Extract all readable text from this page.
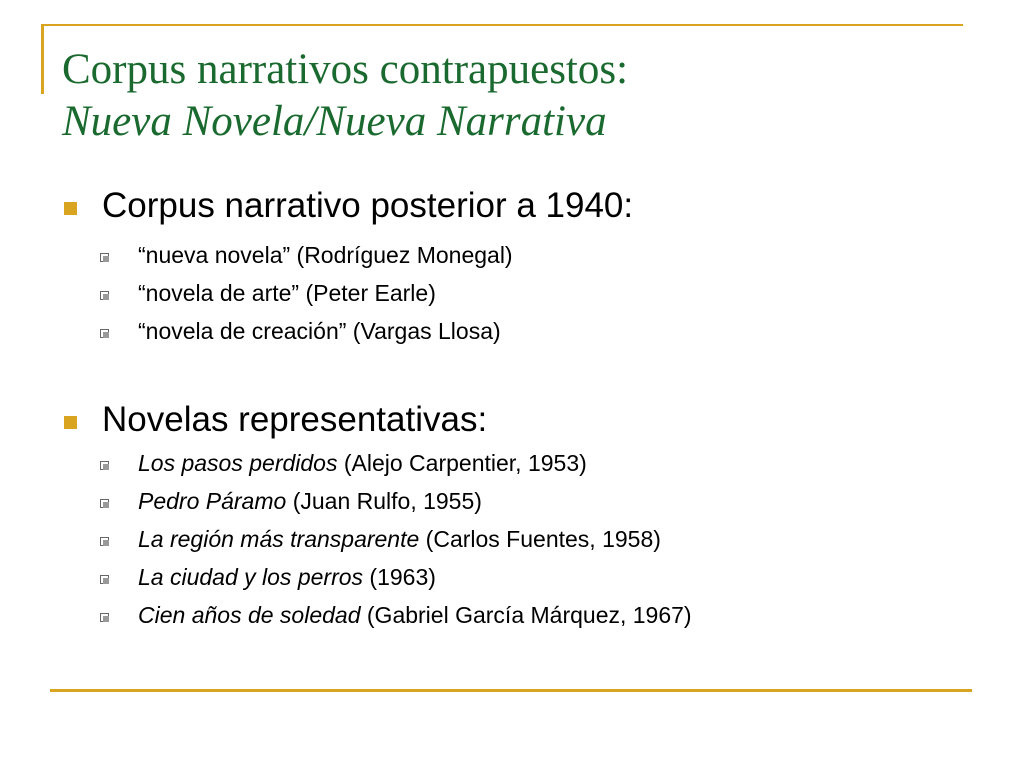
Corpus narrativos contrapuestos:
Nueva Novela/Nueva Narrativa
Corpus narrativo posterior a 1940:
“nueva novela” (Rodríguez Monegal)
“novela de arte” (Peter Earle)
“novela de creación” (Vargas Llosa)
Novelas representativas:
Los pasos perdidos (Alejo Carpentier, 1953)
Pedro Páramo (Juan Rulfo, 1955)
La región más transparente (Carlos Fuentes, 1958)
La ciudad y los perros (1963)
Cien años de soledad (Gabriel García Márquez, 1967)
